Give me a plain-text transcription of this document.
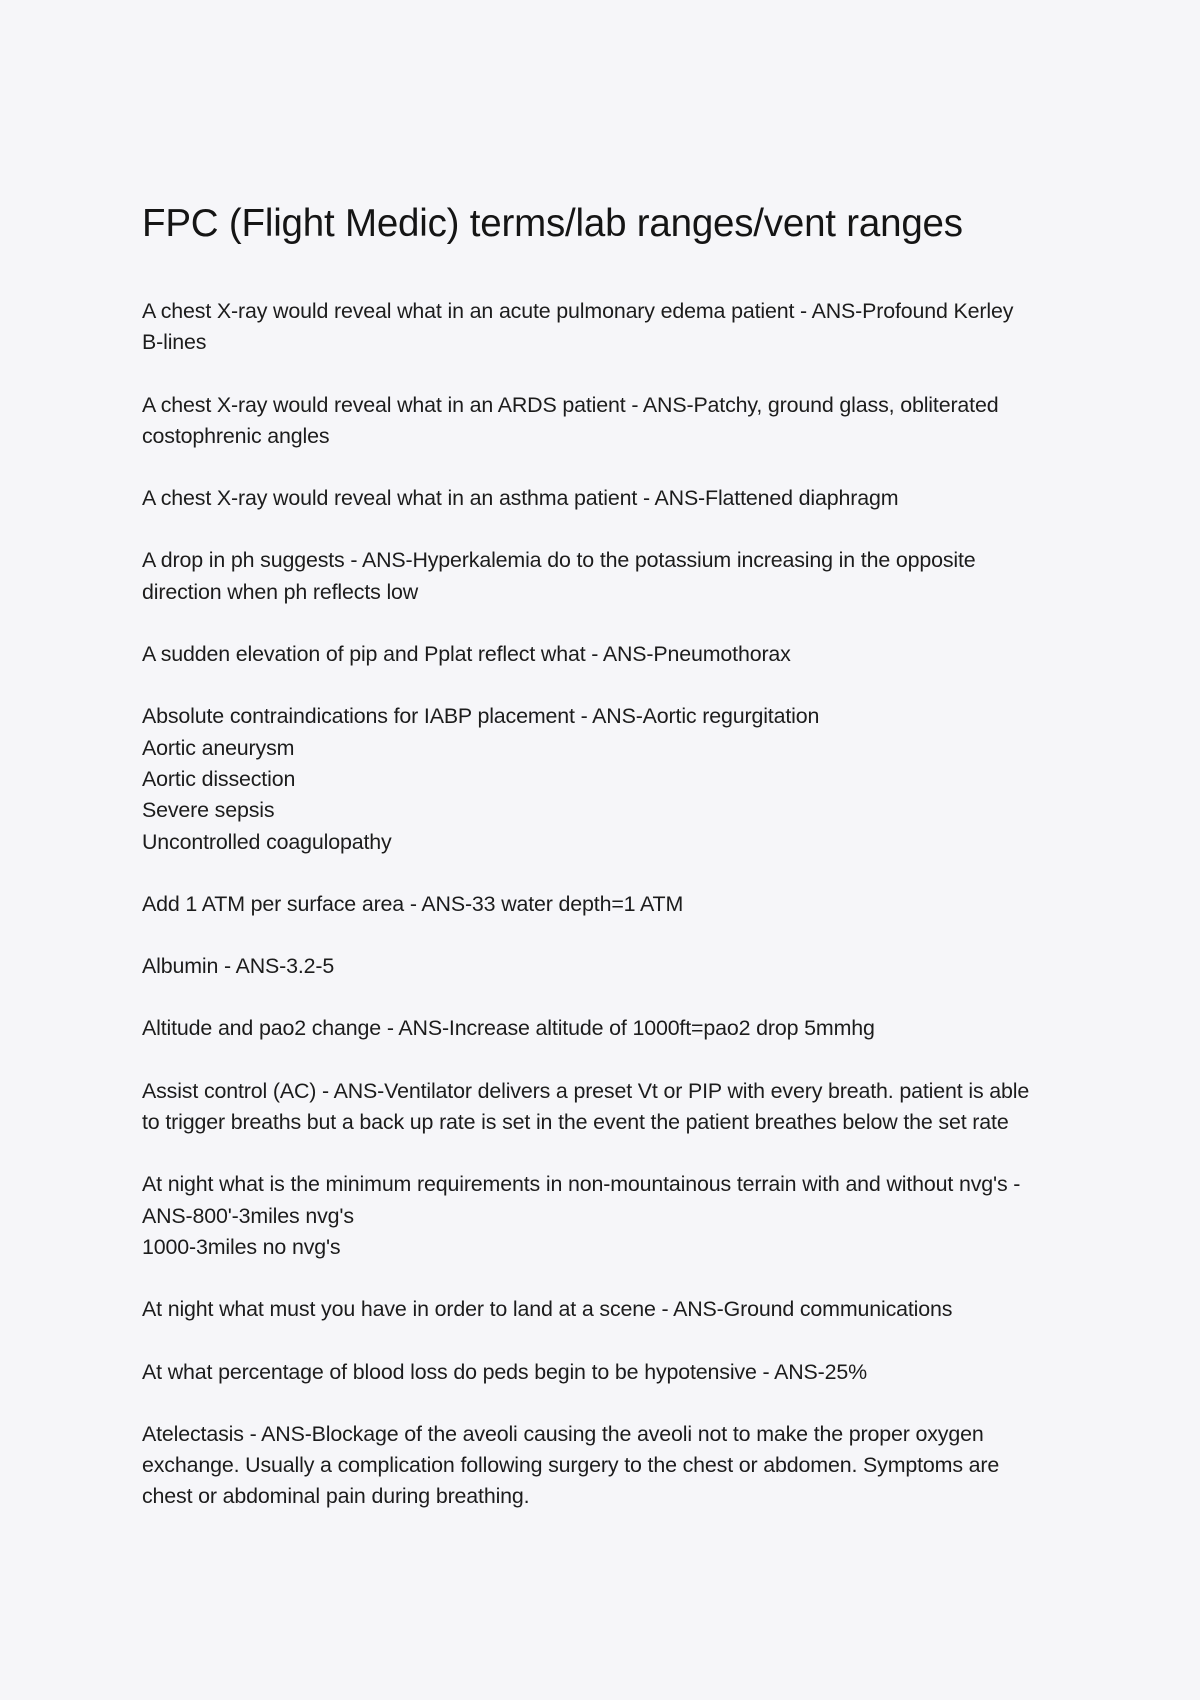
FPC (Flight Medic) terms/lab ranges/vent ranges
A chest X-ray would reveal what in an acute pulmonary edema patient - ANS-Profound Kerley
B-lines
A chest X-ray would reveal what in an ARDS patient - ANS-Patchy, ground glass, obliterated
costophrenic angles
A chest X-ray would reveal what in an asthma patient - ANS-Flattened diaphragm
A drop in ph suggests - ANS-Hyperkalemia do to the potassium increasing in the opposite
direction when ph reflects low
A sudden elevation of pip and Pplat reflect what - ANS-Pneumothorax
Absolute contraindications for IABP placement - ANS-Aortic regurgitation
Aortic aneurysm
Aortic dissection
Severe sepsis
Uncontrolled coagulopathy
Add 1 ATM per surface area - ANS-33 water depth=1 ATM
Albumin - ANS-3.2-5
Altitude and pao2 change - ANS-Increase altitude of 1000ft=pao2 drop 5mmhg
Assist control (AC) - ANS-Ventilator delivers a preset Vt or PIP with every breath. patient is able
to trigger breaths but a back up rate is set in the event the patient breathes below the set rate
At night what is the minimum requirements in non-mountainous terrain with and without nvg's -
ANS-800'-3miles nvg's
1000-3miles no nvg's
At night what must you have in order to land at a scene - ANS-Ground communications
At what percentage of blood loss do peds begin to be hypotensive - ANS-25%
Atelectasis - ANS-Blockage of the aveoli causing the aveoli not to make the proper oxygen
exchange. Usually a complication following surgery to the chest or abdomen. Symptoms are
chest or abdominal pain during breathing.
